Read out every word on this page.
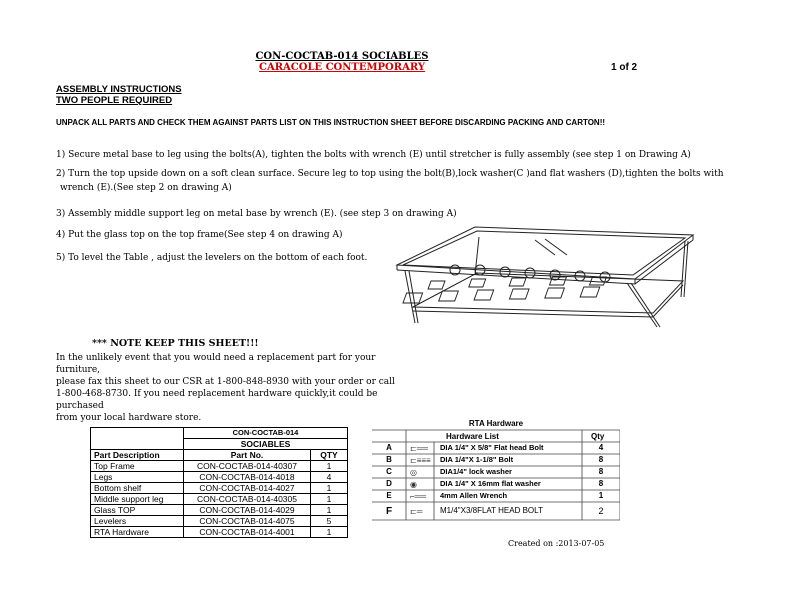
CON-COCTAB-014 SOCIABLES
CARACOLE CONTEMPORARY	1 of 2
ASSEMBLY INSTRUCTIONS
TWO PEOPLE REQUIRED
UNPACK ALL PARTS AND CHECK THEM AGAINST PARTS LIST ON THIS INSTRUCTION SHEET BEFORE DISCARDING PACKING AND CARTON!!
1) Secure metal base to leg using the bolts(A), tighten the bolts with wrench (E) until stretcher is fully assembly (see step 1 on Drawing A)
2) Turn the top upside down on a soft clean surface. Secure leg to top using the bolt(B),lock washer(C )and flat washers (D),tighten the bolts with
wrench (E).(See step 2 on drawing A)
3) Assembly middle support leg on metal base by wrench (E). (see step 3 on drawing A)
4) Put the glass top on the top frame(See step 4 on drawing A)
5) To level the Table , adjust the levelers on the bottom of each foot.
*** NOTE KEEP THIS SHEET!!!
In the unlikely event that you would need a replacement part for your furniture,
please fax this sheet to our CSR at 1-800-848-8930 with your order or call
1-800-468-8730. If you need replacement hardware quickly,it could be purchased
from your local hardware store.
	CON-COCTAB-014	
	SOCIABLES	
Part Description	Part No.	QTY
Top Frame	CON-COCTAB-014-40307	1
Legs	CON-COCTAB-014-4018	4
Bottom shelf	CON-COCTAB-014-4027	1
Middle support leg	CON-COCTAB-014-40305	1
Glass TOP	CON-COCTAB-014-4029	1
Levelers	CON-COCTAB-014-4075	5
RTA Hardware	CON-COCTAB-014-4001	1
RTA Hardware
Hardware List	Qty
A	⊏══ DIA 1/4" X 5/8" Flat head Bolt	4
B	⊏≡≡≡ DIA 1/4"X 1-1/8" Bolt	8
C	◎	DIA1/4" lock washer	8
D	◉	DIA 1/4" X 16mm flat washer	8
E	⌐══ 4mm Allen Wrench	1
F	⊏═ M1/4"X3/8FLAT HEAD BOLT	2
Created on :2013-07-05
